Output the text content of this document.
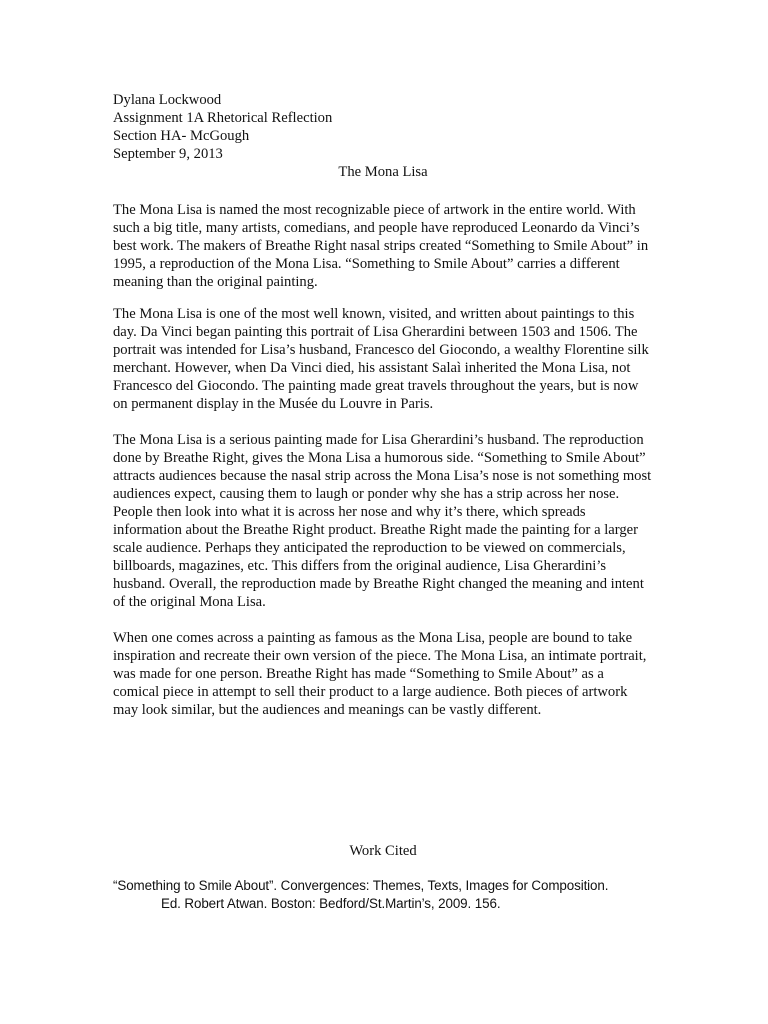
Dylana Lockwood
Assignment 1A Rhetorical Reflection
Section HA- McGough
September 9, 2013
The Mona Lisa

The Mona Lisa is named the most recognizable piece of artwork in the entire world. With such a big title, many artists, comedians, and people have reproduced Leonardo da Vinci’s best work. The makers of Breathe Right nasal strips created “Something to Smile About” in 1995, a reproduction of the Mona Lisa. “Something to Smile About” carries a different meaning than the original painting.

The Mona Lisa is one of the most well known, visited, and written about paintings to this day. Da Vinci began painting this portrait of Lisa Gherardini between 1503 and 1506. The portrait was intended for Lisa’s husband, Francesco del Giocondo, a wealthy Florentine silk merchant. However, when Da Vinci died, his assistant Salaì inherited the Mona Lisa, not Francesco del Giocondo. The painting made great travels throughout the years, but is now on permanent display in the Musée du Louvre in Paris.

The Mona Lisa is a serious painting made for Lisa Gherardini’s husband. The reproduction done by Breathe Right, gives the Mona Lisa a humorous side. “Something to Smile About” attracts audiences because the nasal strip across the Mona Lisa’s nose is not something most audiences expect, causing them to laugh or ponder why she has a strip across her nose. People then look into what it is across her nose and why it’s there, which spreads information about the Breathe Right product. Breathe Right made the painting for a larger scale audience. Perhaps they anticipated the reproduction to be viewed on commercials, billboards, magazines, etc. This differs from the original audience, Lisa Gherardini’s husband. Overall, the reproduction made by Breathe Right changed the meaning and intent of the original Mona Lisa.

When one comes across a painting as famous as the Mona Lisa, people are bound to take inspiration and recreate their own version of the piece. The Mona Lisa, an intimate portrait, was made for one person. Breathe Right has made “Something to Smile About” as a comical piece in attempt to sell their product to a large audience. Both pieces of artwork may look similar, but the audiences and meanings can be vastly different.

Work Cited
“Something to Smile About”. Convergences: Themes, Texts, Images for Composition.
Ed. Robert Atwan. Boston: Bedford/St.Martin’s, 2009. 156.
